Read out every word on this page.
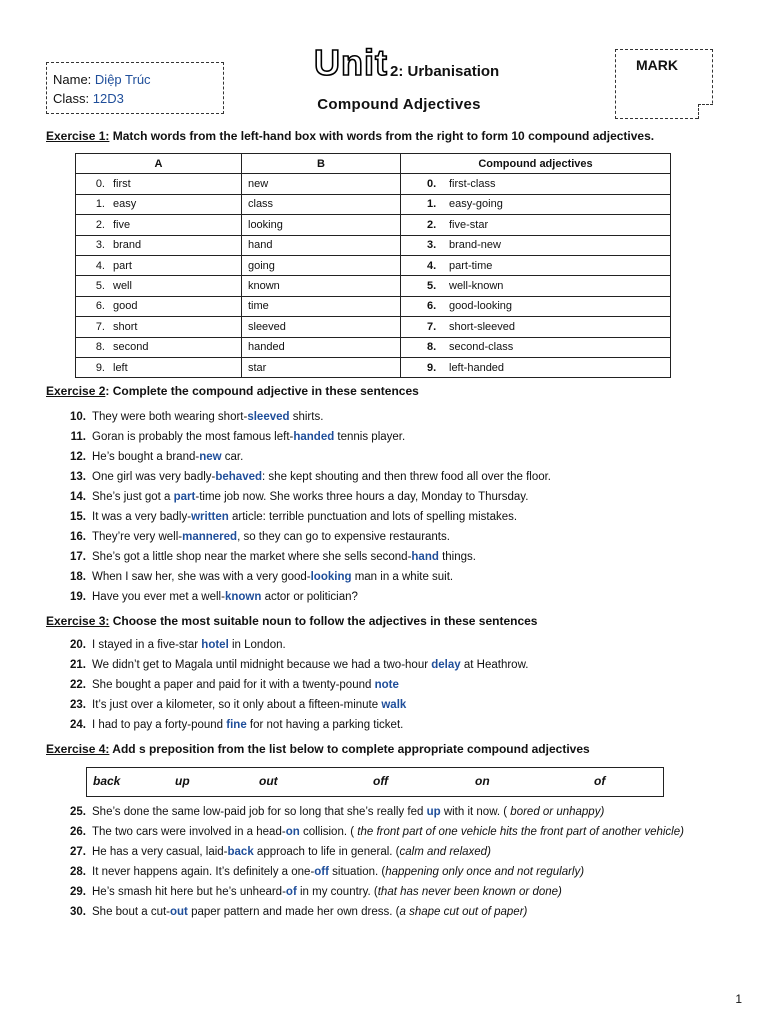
Name: Diệp Trúc
Class: 12D3
Unit 2: Urbanisation
Compound Adjectives
MARK
Exercise 1: Match words from the left-hand box with words from the right to form 10 compound adjectives.
A	B	Compound adjectives
0. first	new	0. first-class
1. easy	class	1. easy-going
2. five	looking	2. five-star
3. brand	hand	3. brand-new
4. part	going	4. part-time
5. well	known	5. well-known
6. good	time	6. good-looking
7. short	sleeved	7. short-sleeved
8. second	handed	8. second-class
9. left	star	9. left-handed
Exercise 2: Complete the compound adjective in these sentences
10. They were both wearing short-sleeved shirts.
11. Goran is probably the most famous left-handed tennis player.
12. He’s bought a brand-new car.
13. One girl was very badly-behaved: she kept shouting and then threw food all over the floor.
14. She’s just got a part-time job now. She works three hours a day, Monday to Thursday.
15. It was a very badly-written article: terrible punctuation and lots of spelling mistakes.
16. They’re very well-mannered, so they can go to expensive restaurants.
17. She’s got a little shop near the market where she sells second-hand things.
18. When I saw her, she was with a very good-looking man in a white suit.
19. Have you ever met a well-known actor or politician?
Exercise 3: Choose the most suitable noun to follow the adjectives in these sentences
20. I stayed in a five-star hotel in London.
21. We didn’t get to Magala until midnight because we had a two-hour delay at Heathrow.
22. She bought a paper and paid for it with a twenty-pound note
23. It’s just over a kilometer, so it only about a fifteen-minute walk
24. I had to pay a forty-pound fine for not having a parking ticket.
Exercise 4: Add s preposition from the list below to complete appropriate compound adjectives
back	up	out	off	on	of
25. She’s done the same low-paid job for so long that she’s really fed up with it now. ( bored or unhappy)
26. The two cars were involved in a head-on collision. ( the front part of one vehicle hits the front part of another vehicle)
27. He has a very casual, laid-back approach to life in general. (calm and relaxed)
28. It never happens again. It’s definitely a one-off situation. (happening only once and not regularly)
29. He’s smash hit here but he’s unheard-of in my country. (that has never been known or done)
30. She bout a cut-out paper pattern and made her own dress. (a shape cut out of paper)
1
